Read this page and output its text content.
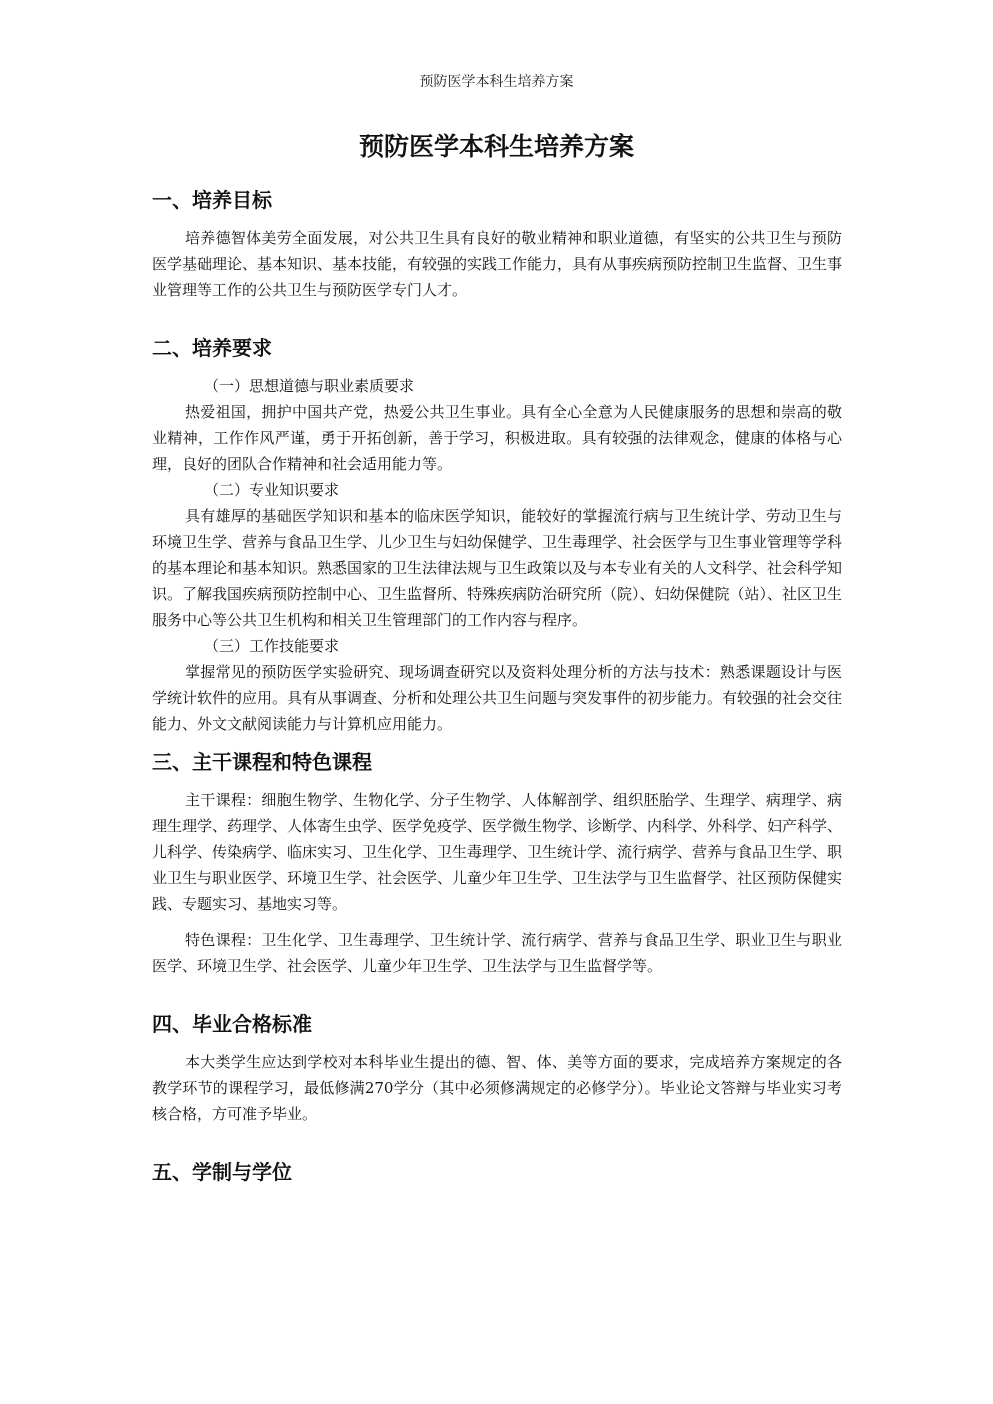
预防医学本科生培养方案
预防医学本科生培养方案
一、培养目标

培养德智体美劳全面发展，对公共卫生具有良好的敬业精神和职业道德，有坚实的公共卫生与预防医学基础理论、基本知识、基本技能，有较强的实践工作能力，具有从事疾病预防控制卫生监督、卫生事业管理等工作的公共卫生与预防医学专门人才。

二、培养要求
（一）思想道德与职业素质要求

热爱祖国，拥护中国共产党，热爱公共卫生事业。具有全心全意为人民健康服务的思想和崇高的敬业精神，工作作风严谨，勇于开拓创新，善于学习，积极进取。具有较强的法律观念，健康的体格与心理，良好的团队合作精神和社会适用能力等。

（二）专业知识要求

具有雄厚的基础医学知识和基本的临床医学知识，能较好的掌握流行病与卫生统计学、劳动卫生与环境卫生学、营养与食品卫生学、儿少卫生与妇幼保健学、卫生毒理学、社会医学与卫生事业管理等学科的基本理论和基本知识。熟悉国家的卫生法律法规与卫生政策以及与本专业有关的人文科学、社会科学知识。了解我国疾病预防控制中心、卫生监督所、特殊疾病防治研究所（院）、妇幼保健院（站）、社区卫生服务中心等公共卫生机构和相关卫生管理部门的工作内容与程序。

（三）工作技能要求

掌握常见的预防医学实验研究、现场调查研究以及资料处理分析的方法与技术：熟悉课题设计与医学统计软件的应用。具有从事调查、分析和处理公共卫生问题与突发事件的初步能力。有较强的社会交往能力、外文文献阅读能力与计算机应用能力。

三、主干课程和特色课程

主干课程：细胞生物学、生物化学、分子生物学、人体解剖学、组织胚胎学、生理学、病理学、病理生理学、药理学、人体寄生虫学、医学免疫学、医学微生物学、诊断学、内科学、外科学、妇产科学、儿科学、传染病学、临床实习、卫生化学、卫生毒理学、卫生统计学、流行病学、营养与食品卫生学、职业卫生与职业医学、环境卫生学、社会医学、儿童少年卫生学、卫生法学与卫生监督学、社区预防保健实践、专题实习、基地实习等。

特色课程：卫生化学、卫生毒理学、卫生统计学、流行病学、营养与食品卫生学、职业卫生与职业医学、环境卫生学、社会医学、儿童少年卫生学、卫生法学与卫生监督学等。

四、毕业合格标准

本大类学生应达到学校对本科毕业生提出的德、智、体、美等方面的要求，完成培养方案规定的各教学环节的课程学习，最低修满270学分（其中必须修满规定的必修学分）。毕业论文答辩与毕业实习考核合格，方可准予毕业。

五、学制与学位
